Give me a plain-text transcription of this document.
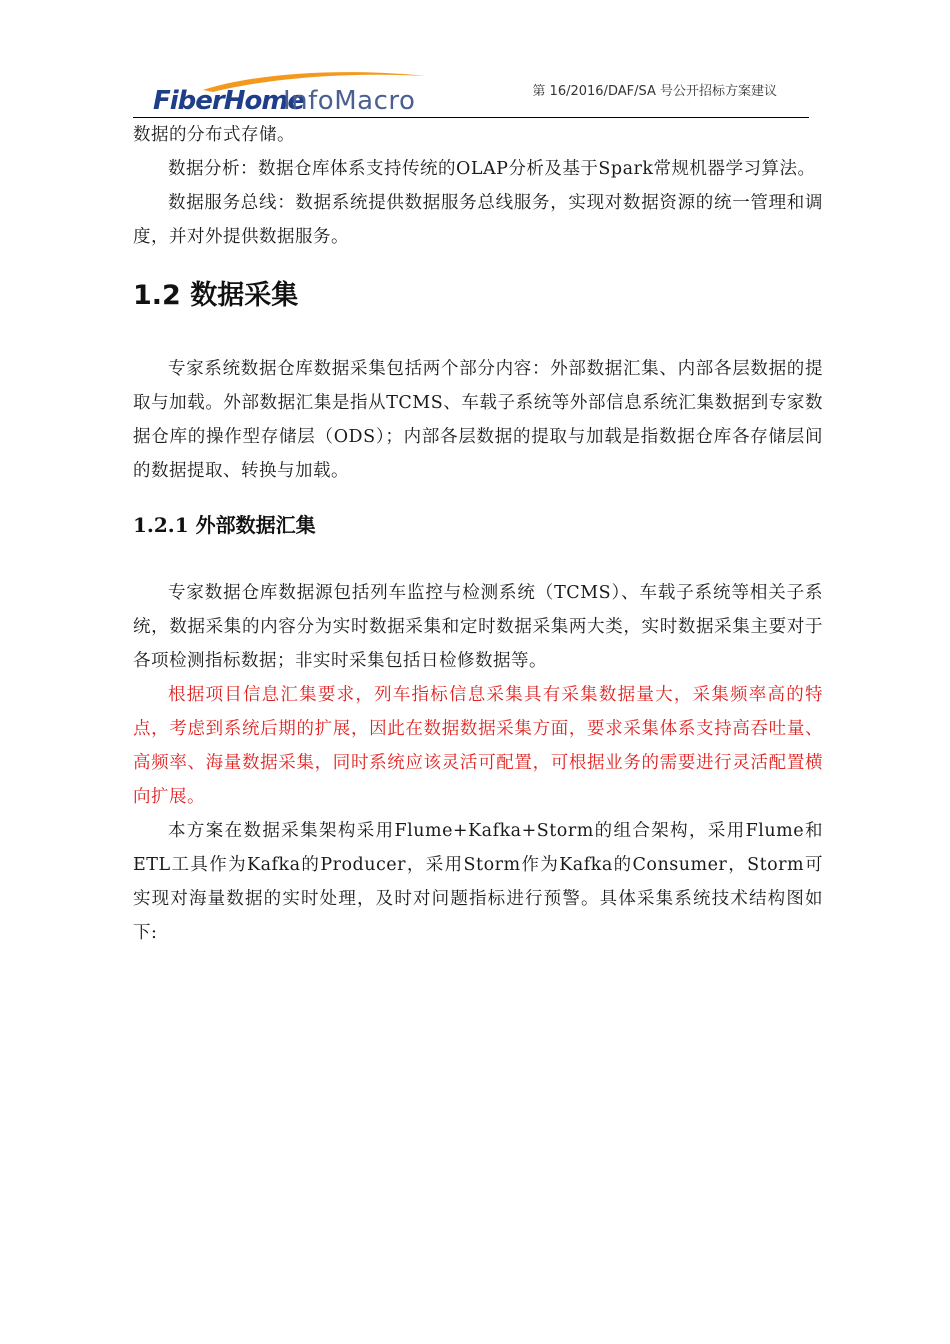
FiberHome
InfoMacro	第 16/2016/DAF/SA 号公开招标方案建议

数据的分布式存储。

数据分析：数据仓库体系支持传统的OLAP分析及基于Spark常规机器学习算法。

数据服务总线：数据系统提供数据服务总线服务，实现对数据资源的统一管理和调度，并对外提供数据服务。

1.2 数据采集

专家系统数据仓库数据采集包括两个部分内容：外部数据汇集、内部各层数据的提取与加载。外部数据汇集是指从TCMS、车载子系统等外部信息系统汇集数据到专家数据仓库的操作型存储层（ODS）；内部各层数据的提取与加载是指数据仓库各存储层间的数据提取、转换与加载。

1.2.1 外部数据汇集

专家数据仓库数据源包括列车监控与检测系统（TCMS）、车载子系统等相关子系统，数据采集的内容分为实时数据采集和定时数据采集两大类，实时数据采集主要对于各项检测指标数据；非实时采集包括日检修数据等。

根据项目信息汇集要求，列车指标信息采集具有采集数据量大，采集频率高的特点，考虑到系统后期的扩展，因此在数据数据采集方面，要求采集体系支持高吞吐量、高频率、海量数据采集，同时系统应该灵活可配置，可根据业务的需要进行灵活配置横向扩展。

本方案在数据采集架构采用Flume+Kafka+Storm的组合架构，采用Flume和ETL工具作为Kafka的Producer，采用Storm作为Kafka的Consumer，Storm可实现对海量数据的实时处理，及时对问题指标进行预警。具体采集系统技术结构图如下:
